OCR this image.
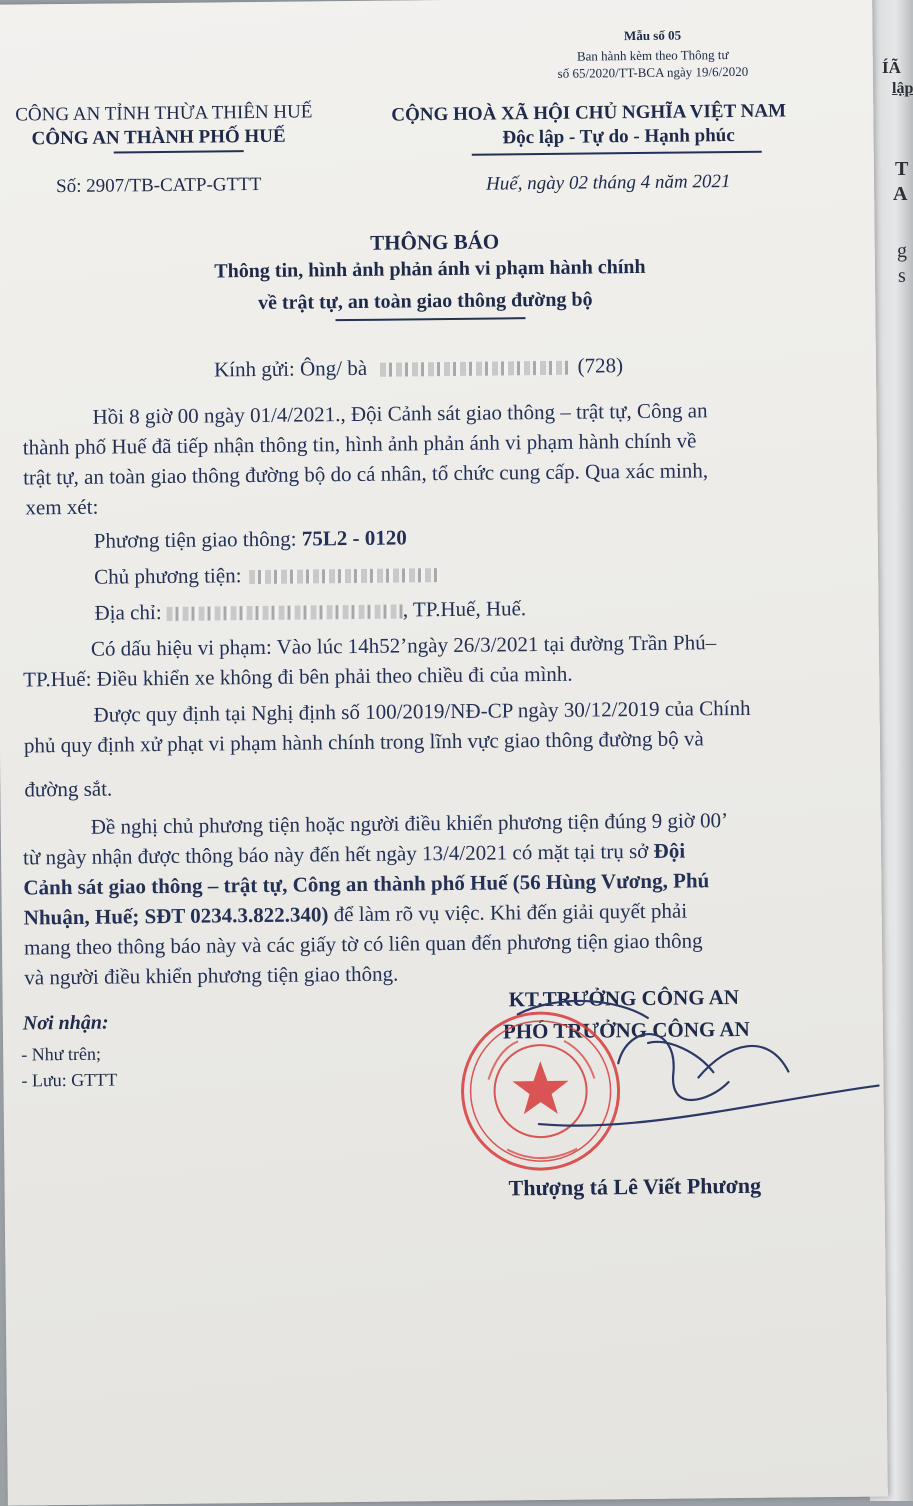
ÍÃ
lập
T
A
g
s
Mẫu số 05
Ban hành kèm theo Thông tư
số 65/2020/TT-BCA ngày 19/6/2020
CÔNG AN TỈNH THỪA THIÊN HUẾ
CÔNG AN THÀNH PHỐ HUẾ
Số: 2907/TB-CATP-GTTT
CỘNG HOÀ XÃ HỘI CHỦ NGHĨA VIỆT NAM
Độc lập - Tự do - Hạnh phúc
Huế, ngày 02 tháng 4 năm 2021
THÔNG BÁO
Thông tin, hình ảnh phản ánh vi phạm hành chính
về trật tự, an toàn giao thông đường bộ
Kính gửi: Ông/ bà	(728)
Hồi 8 giờ 00 ngày 01/4/2021., Đội Cảnh sát giao thông – trật tự, Công an
thành phố Huế đã tiếp nhận thông tin, hình ảnh phản ánh vi phạm hành chính về
trật tự, an toàn giao thông đường bộ do cá nhân, tổ chức cung cấp. Qua xác minh,
xem xét:
Phương tiện giao thông: 75L2 - 0120
Chủ phương tiện:
Địa chỉ:	, TP.Huế, Huế.
Có dấu hiệu vi phạm: Vào lúc 14h52’ngày 26/3/2021 tại đường Trần Phú–
TP.Huế: Điều khiển xe không đi bên phải theo chiều đi của mình.
Được quy định tại Nghị định số 100/2019/NĐ-CP ngày 30/12/2019 của Chính
phủ quy định xử phạt vi phạm hành chính trong lĩnh vực giao thông đường bộ và
đường sắt.
Đề nghị chủ phương tiện hoặc người điều khiển phương tiện đúng 9 giờ 00’
từ ngày nhận được thông báo này đến hết ngày 13/4/2021 có mặt tại trụ sở Đội
Cảnh sát giao thông – trật tự, Công an thành phố Huế (56 Hùng Vương, Phú
Nhuận, Huế; SĐT 0234.3.822.340) để làm rõ vụ việc. Khi đến giải quyết phải
mang theo thông báo này và các giấy tờ có liên quan đến phương tiện giao thông
và người điều khiển phương tiện giao thông.
Nơi nhận:
- Như trên;
- Lưu: GTTT
KT.TRƯỞNG CÔNG AN
PHÓ TRƯỞNG CÔNG AN
Thượng tá Lê Viết Phương
